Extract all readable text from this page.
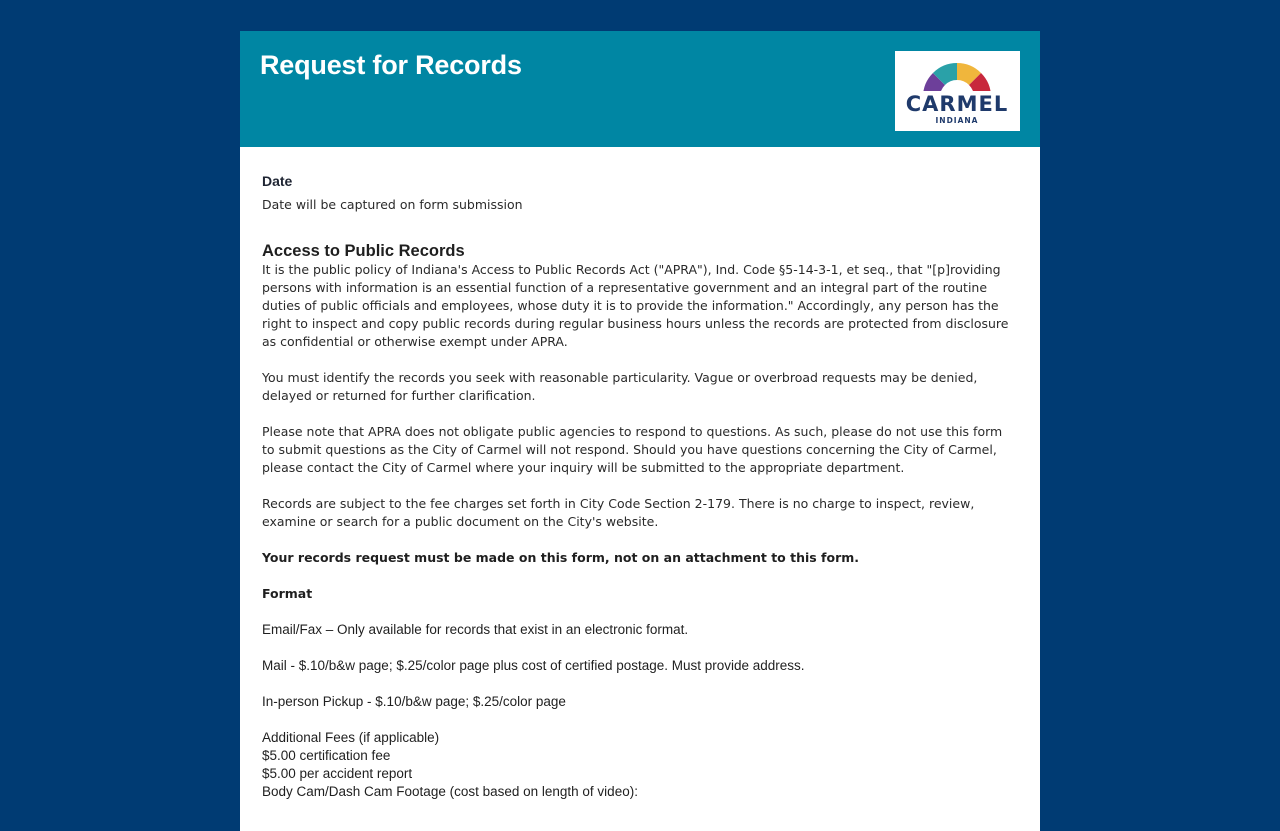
Request for Records
CARMEL
INDIANA

Date

Date will be captured on form submission

Access to Public Records

It is the public policy of Indiana's Access to Public Records Act ("APRA"), Ind. Code §5-14-3-1, et seq., that "[p]roviding persons with information is an essential function of a representative government and an integral part of the routine duties of public officials and employees, whose duty it is to provide the information." Accordingly, any person has the right to inspect and copy public records during regular business hours unless the records are protected from disclosure as confidential or otherwise exempt under APRA.

You must identify the records you seek with reasonable particularity. Vague or overbroad requests may be denied, delayed or returned for further clarification.

Please note that APRA does not obligate public agencies to respond to questions. As such, please do not use this form to submit questions as the City of Carmel will not respond. Should you have questions concerning the City of Carmel, please contact the City of Carmel where your inquiry will be submitted to the appropriate department.

Records are subject to the fee charges set forth in City Code Section 2-179. There is no charge to inspect, review, examine or search for a public document on the City's website.

Your records request must be made on this form, not on an attachment to this form.

Format

Email/Fax – Only available for records that exist in an electronic format.

Mail - $.10/b&w page; $.25/color page plus cost of certified postage. Must provide address.

In-person Pickup - $.10/b&w page; $.25/color page

Additional Fees (if applicable)
$5.00 certification fee
$5.00 per accident report
Body Cam/Dash Cam Footage (cost based on length of video):
